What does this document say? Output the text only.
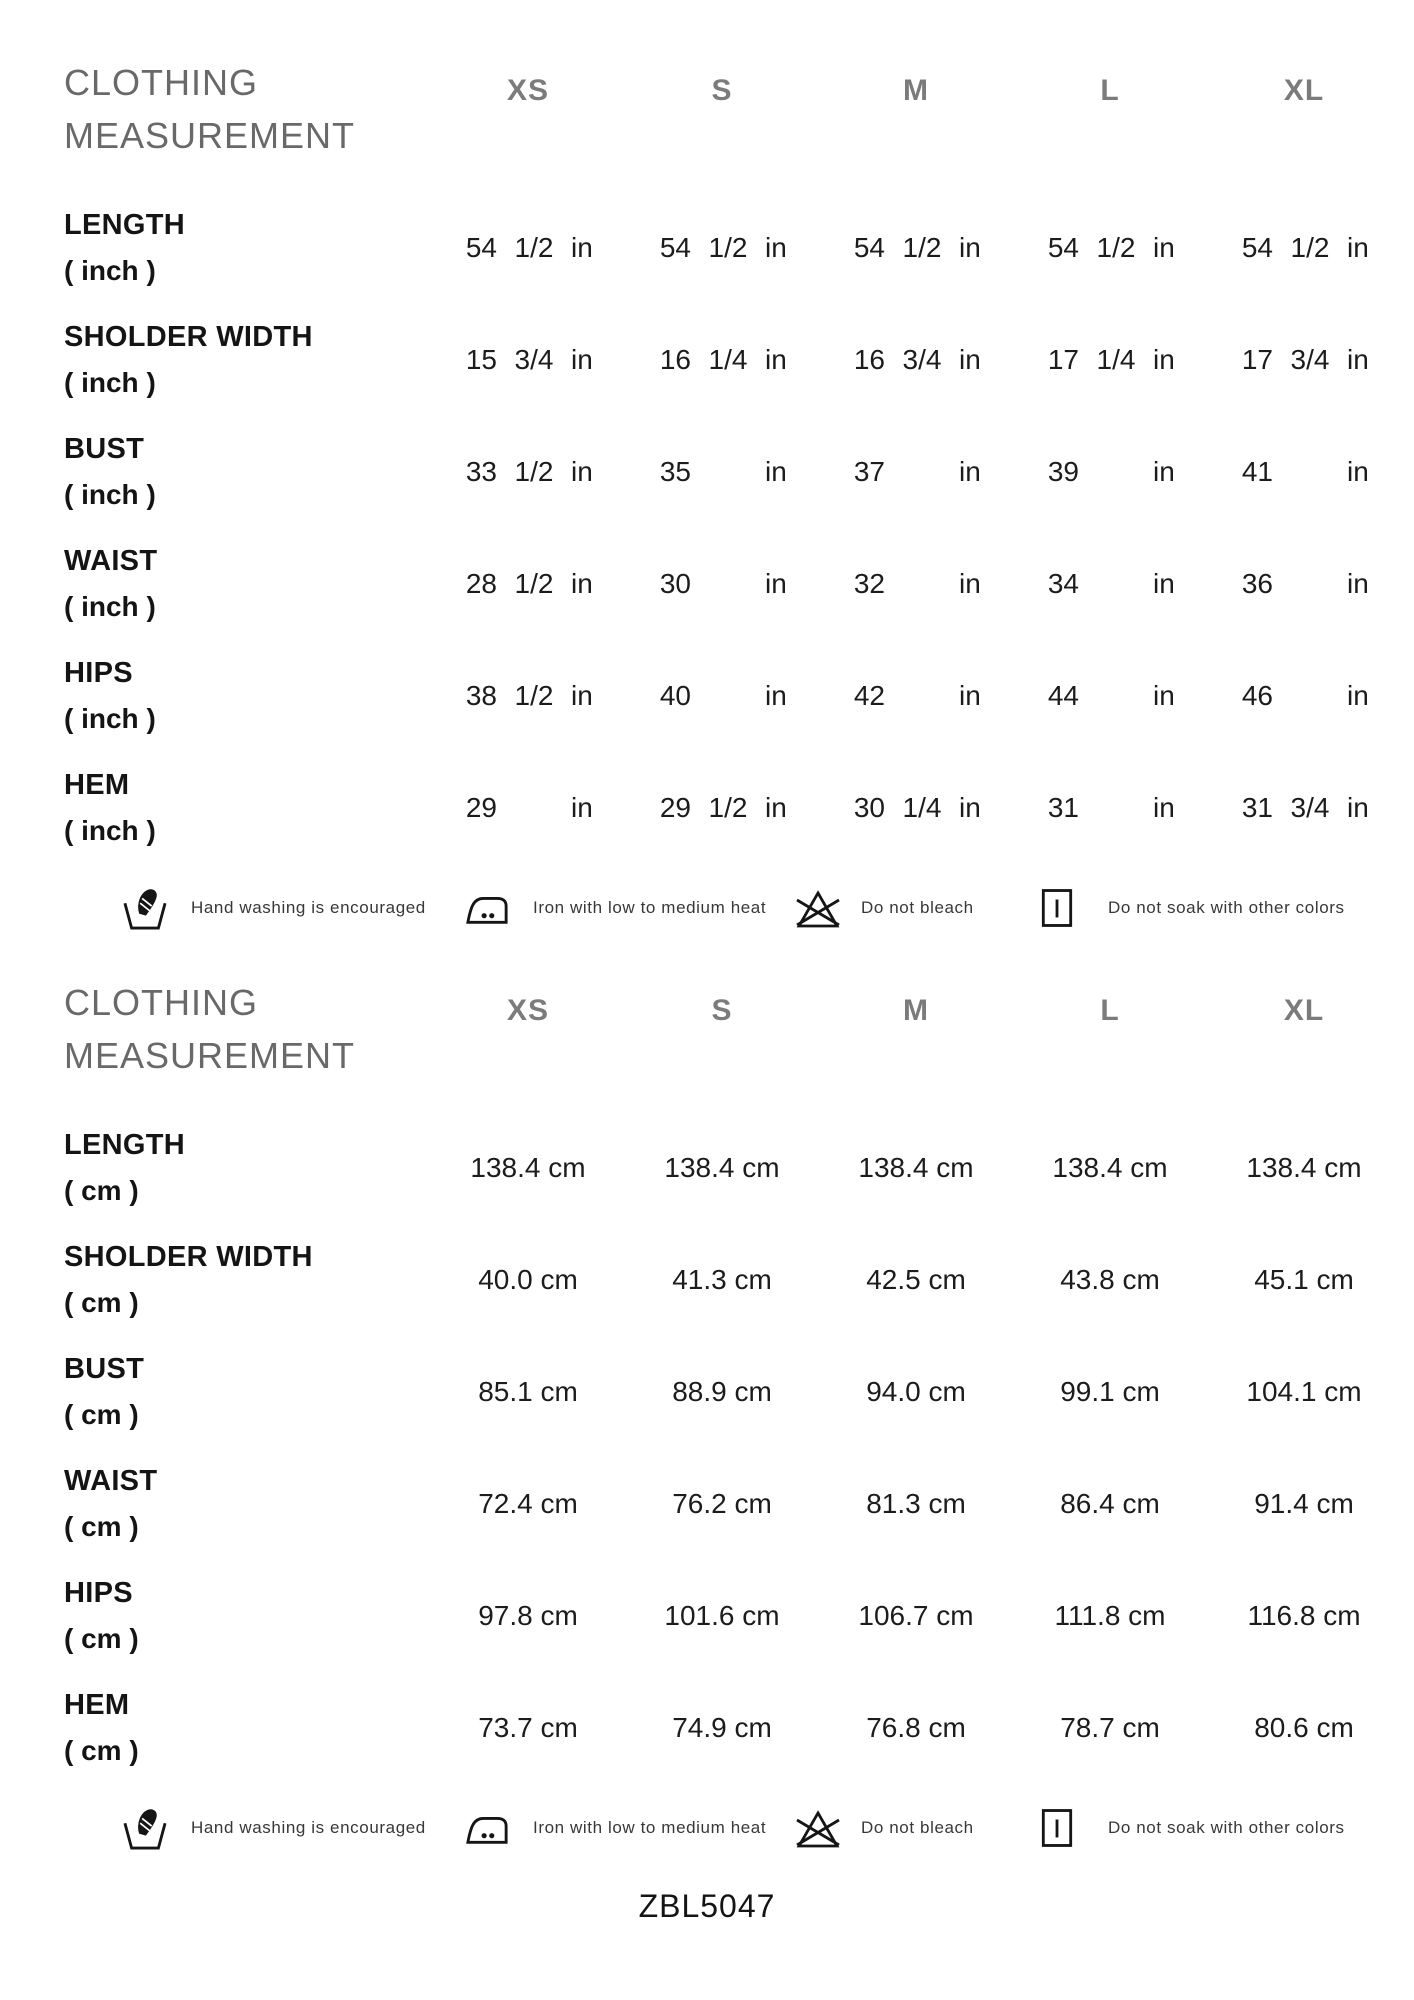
CLOTHING
MEASUREMENT
XS	S	M	L	XL
LENGTH
( inch )
54 1/2 in	54 1/2 in	54 1/2 in	54 1/2 in	54 1/2 in
SHOLDER WIDTH
( inch )
15 3/4 in	16 1/4 in	16 3/4 in	17 1/4 in	17 3/4 in
BUST
( inch )
33 1/2 in	35	in	37	in	39	in	41	in
WAIST
( inch )
28 1/2 in	30	in	32	in	34	in	36	in
HIPS
( inch )
38 1/2 in	40	in	42	in	44	in	46	in
HEM
( inch )
29	in	29 1/2 in	30 1/4 in	31	in	31 3/4 in
Hand washing is encouraged	Iron with low to medium heat	Do not bleach	Do not soak with other colors
CLOTHING
MEASUREMENT
XS	S	M	L	XL
LENGTH
( cm )
138.4 cm	138.4 cm	138.4 cm	138.4 cm	138.4 cm
SHOLDER WIDTH
( cm )
40.0 cm	41.3 cm	42.5 cm	43.8 cm	45.1 cm
BUST
( cm )
85.1 cm	88.9 cm	94.0 cm	99.1 cm	104.1 cm
WAIST
( cm )
72.4 cm	76.2 cm	81.3 cm	86.4 cm	91.4 cm
HIPS
( cm )
97.8 cm	101.6 cm	106.7 cm	111.8 cm	116.8 cm
HEM
( cm )
73.7 cm	74.9 cm	76.8 cm	78.7 cm	80.6 cm
Hand washing is encouraged	Iron with low to medium heat	Do not bleach	Do not soak with other colors
ZBL5047
